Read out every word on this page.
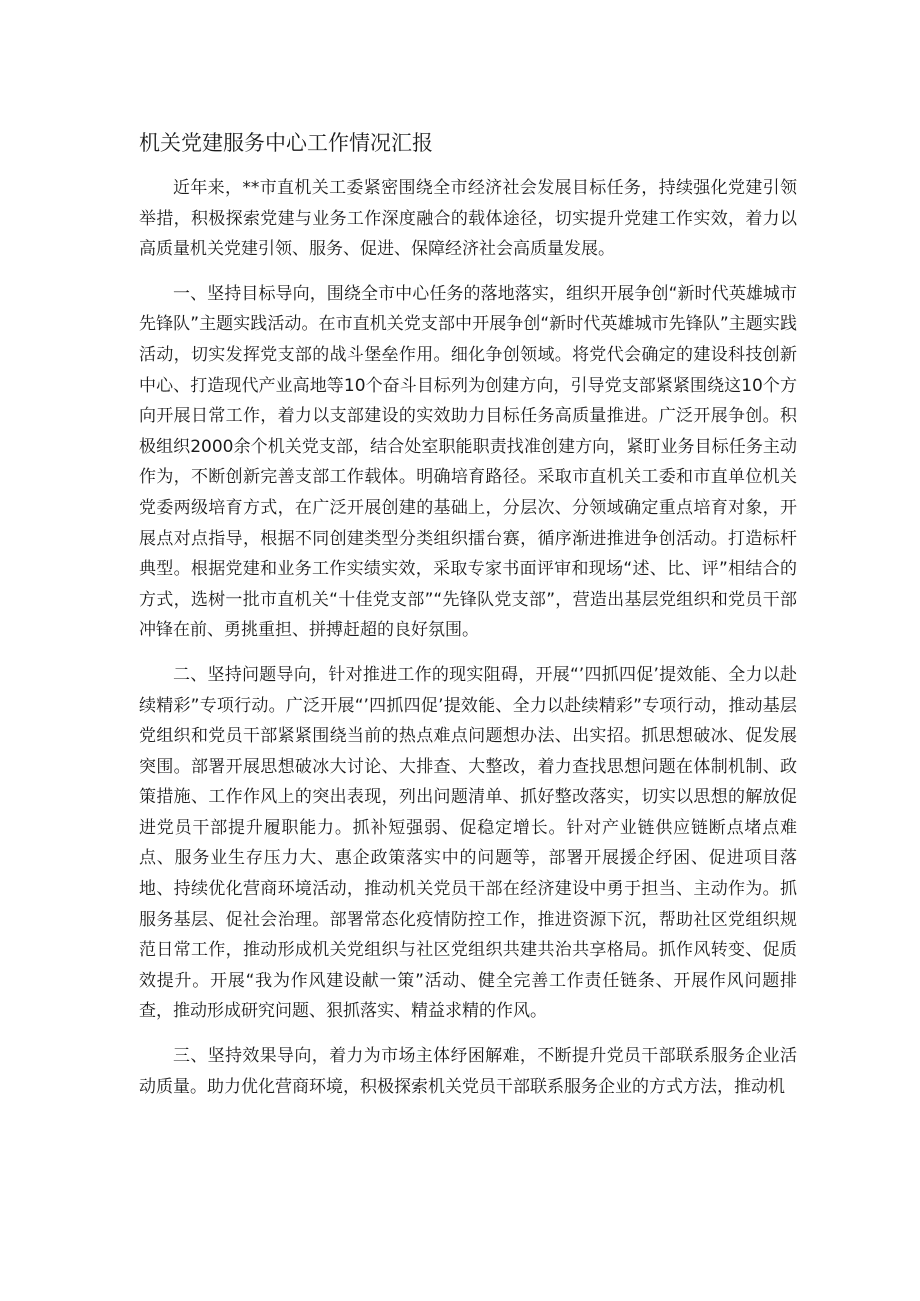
机关党建服务中心工作情况汇报

近年来，**市直机关工委紧密围绕全市经济社会发展目标任务，持续强化党建引领举措，积极探索党建与业务工作深度融合的载体途径，切实提升党建工作实效，着力以高质量机关党建引领、服务、促进、保障经济社会高质量发展。

一、坚持目标导向，围绕全市中心任务的落地落实，组织开展争创“新时代英雄城市先锋队”主题实践活动。在市直机关党支部中开展争创“新时代英雄城市先锋队”主题实践活动，切实发挥党支部的战斗堡垒作用。细化争创领域。将党代会确定的建设科技创新中心、打造现代产业高地等10个奋斗目标列为创建方向，引导党支部紧紧围绕这10个方向开展日常工作，着力以支部建设的实效助力目标任务高质量推进。广泛开展争创。积极组织2000余个机关党支部，结合处室职能职责找准创建方向，紧盯业务目标任务主动作为，不断创新完善支部工作载体。明确培育路径。采取市直机关工委和市直单位机关党委两级培育方式，在广泛开展创建的基础上，分层次、分领域确定重点培育对象，开展点对点指导，根据不同创建类型分类组织擂台赛，循序渐进推进争创活动。打造标杆典型。根据党建和业务工作实绩实效，采取专家书面评审和现场“述、比、评”相结合的方式，选树一批市直机关“十佳党支部”“先锋队党支部”，营造出基层党组织和党员干部冲锋在前、勇挑重担、拼搏赶超的良好氛围。

二、坚持问题导向，针对推进工作的现实阻碍，开展“’四抓四促’提效能、全力以赴续精彩”专项行动。广泛开展“’四抓四促’提效能、全力以赴续精彩”专项行动，推动基层党组织和党员干部紧紧围绕当前的热点难点问题想办法、出实招。抓思想破冰、促发展突围。部署开展思想破冰大讨论、大排查、大整改，着力查找思想问题在体制机制、政策措施、工作作风上的突出表现，列出问题清单、抓好整改落实，切实以思想的解放促进党员干部提升履职能力。抓补短强弱、促稳定增长。针对产业链供应链断点堵点难点、服务业生存压力大、惠企政策落实中的问题等，部署开展援企纾困、促进项目落地、持续优化营商环境活动，推动机关党员干部在经济建设中勇于担当、主动作为。抓服务基层、促社会治理。部署常态化疫情防控工作，推进资源下沉，帮助社区党组织规范日常工作，推动形成机关党组织与社区党组织共建共治共享格局。抓作风转变、促质效提升。开展“我为作风建设献一策”活动、健全完善工作责任链条、开展作风问题排查，推动形成研究问题、狠抓落实、精益求精的作风。

三、坚持效果导向，着力为市场主体纾困解难，不断提升党员干部联系服务企业活动质量。助力优化营商环境，积极探索机关党员干部联系服务企业的方式方法，推动机
